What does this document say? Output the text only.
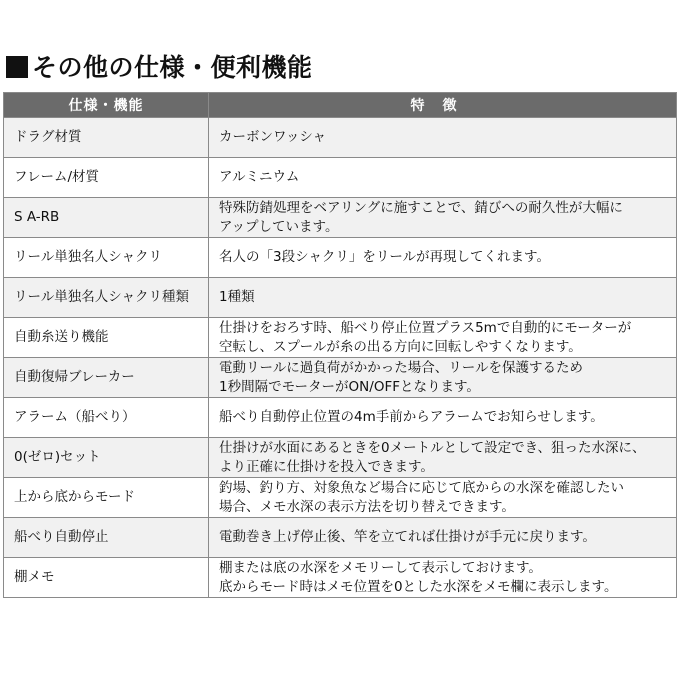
その他の仕様・便利機能
仕様・機能	特徴
ドラグ材質	カーボンワッシャ

フレーム/材質	アルミニウム

S A-RB	特殊防錆処理をベアリングに施すことで、錆びへの耐久性が大幅に
アップしています。

リール単独名人シャクリ	名人の「3段シャクリ」をリールが再現してくれます。

リール単独名人シャクリ種類	1種類

自動糸送り機能	仕掛けをおろす時、船べり停止位置プラス5mで自動的にモーターが
空転し、スプールが糸の出る方向に回転しやすくなります。

自動復帰ブレーカー	電動リールに過負荷がかかった場合、リールを保護するため
1秒間隔でモーターがON/OFFとなります。

アラーム（船べり）	船べり自動停止位置の4m手前からアラームでお知らせします。

0(ゼロ)セット	仕掛けが水面にあるときを0メートルとして設定でき、狙った水深に、
より正確に仕掛けを投入できます。

上から底からモード	釣場、釣り方、対象魚など場合に応じて底からの水深を確認したい
場合、メモ水深の表示方法を切り替えできます。

船べり自動停止	電動巻き上げ停止後、竿を立てれば仕掛けが手元に戻ります。

棚メモ	棚または底の水深をメモリーして表示しておけます。
底からモード時はメモ位置を0とした水深をメモ欄に表示します。
